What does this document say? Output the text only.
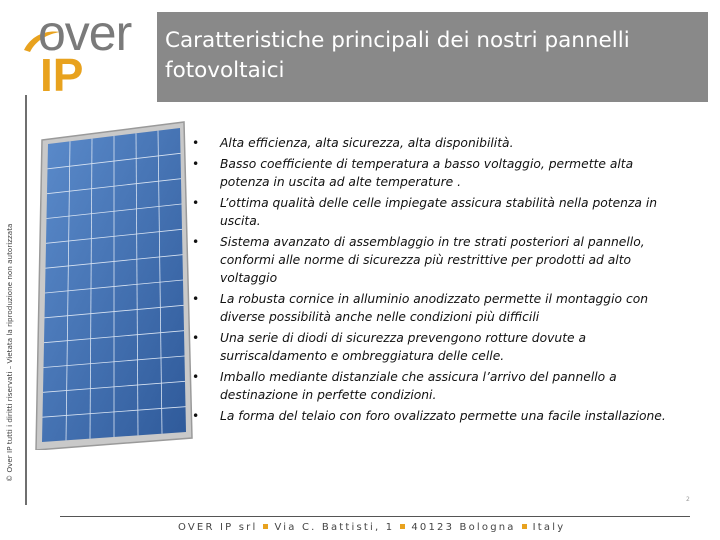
over
IP
Caratteristiche principali dei nostri pannelli fotovoltaici
© Over IP tutti i diritti riservati – Vietata la riproduzione non autorizzata
• Alta efficienza, alta sicurezza, alta disponibilità.
• Basso coefficiente di temperatura a basso voltaggio, permette alta potenza in uscita ad alte temperature .
• L’ottima qualità delle celle impiegate assicura stabilità nella potenza in uscita.
• Sistema avanzato di assemblaggio in tre strati posteriori al pannello, conformi alle norme di sicurezza più restrittive per prodotti ad alto voltaggio
• La robusta cornice in alluminio anodizzato permette il montaggio con diverse possibilità anche nelle condizioni più difficili
• Una serie di diodi di sicurezza prevengono rotture dovute a surriscaldamento e ombreggiatura delle celle.
• Imballo mediante distanziale che assicura l’arrivo del pannello a destinazione in perfette condizioni.
• La forma del telaio con foro ovalizzato permette una facile installazione.
2
OVER IP srl Via C. Battisti, 1 40123 Bologna Italy
